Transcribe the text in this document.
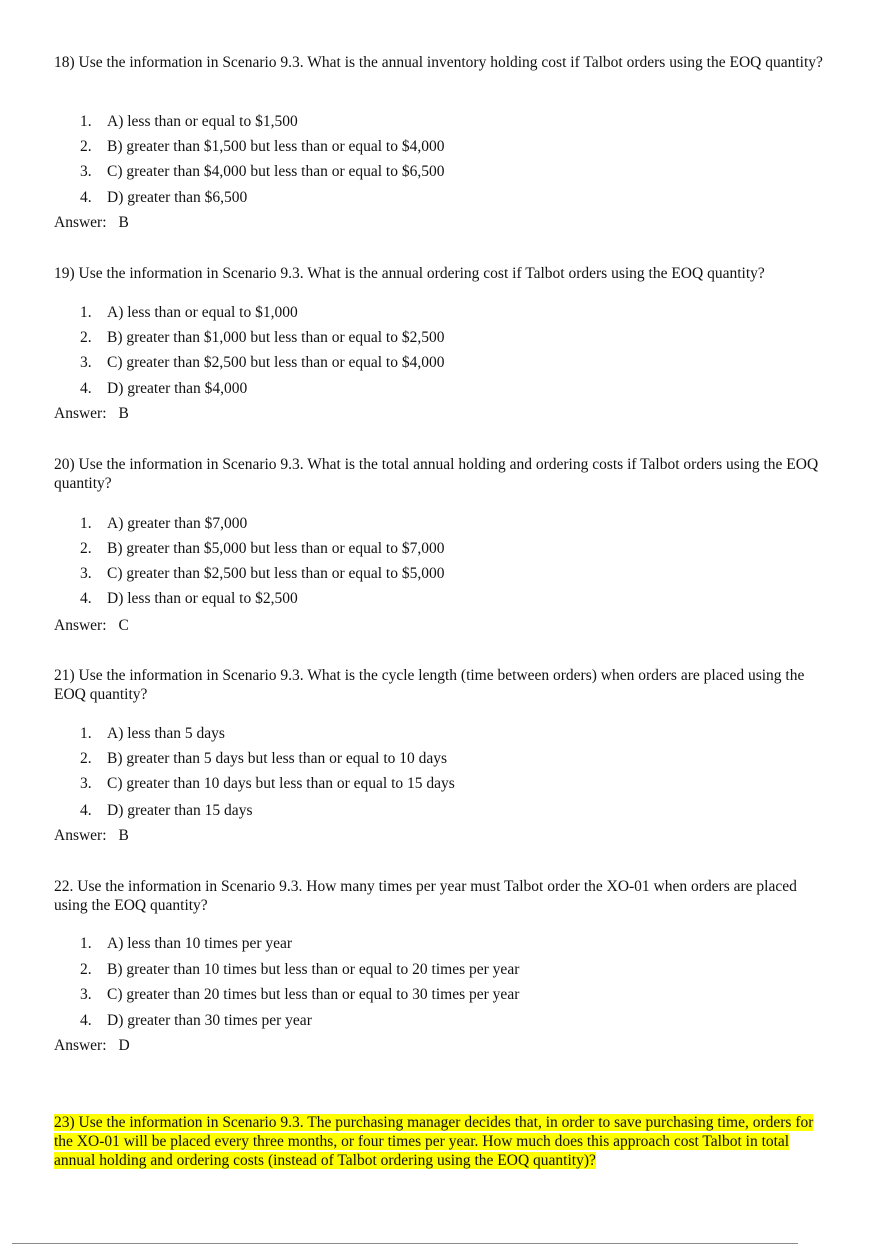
18) Use the information in Scenario 9.3. What is the annual inventory holding cost if Talbot orders using the EOQ quantity?

1. A) less than or equal to $1,500
2. B) greater than $1,500 but less than or equal to $4,000
3. C) greater than $4,000 but less than or equal to $6,500
4. D) greater than $6,500
Answer: B

19) Use the information in Scenario 9.3. What is the annual ordering cost if Talbot orders using the EOQ quantity?

1. A) less than or equal to $1,000
2. B) greater than $1,000 but less than or equal to $2,500
3. C) greater than $2,500 but less than or equal to $4,000
4. D) greater than $4,000
Answer: B

20) Use the information in Scenario 9.3. What is the total annual holding and ordering costs if Talbot orders using the EOQ quantity?

1. A) greater than $7,000
2. B) greater than $5,000 but less than or equal to $7,000
3. C) greater than $2,500 but less than or equal to $5,000
4. D) less than or equal to $2,500
Answer: C

21) Use the information in Scenario 9.3. What is the cycle length (time between orders) when orders are placed using the EOQ quantity?

1. A) less than 5 days
2. B) greater than 5 days but less than or equal to 10 days
3. C) greater than 10 days but less than or equal to 15 days
4. D) greater than 15 days
Answer: B

22. Use the information in Scenario 9.3. How many times per year must Talbot order the XO-01 when orders are placed using the EOQ quantity?

1. A) less than 10 times per year
2. B) greater than 10 times but less than or equal to 20 times per year
3. C) greater than 20 times but less than or equal to 30 times per year
4. D) greater than 30 times per year
Answer: D

23) Use the information in Scenario 9.3. The purchasing manager decides that, in order to save purchasing time, orders for the XO-01 will be placed every three months, or four times per year. How much does this approach cost Talbot in total annual holding and ordering costs (instead of Talbot ordering using the EOQ quantity)?
